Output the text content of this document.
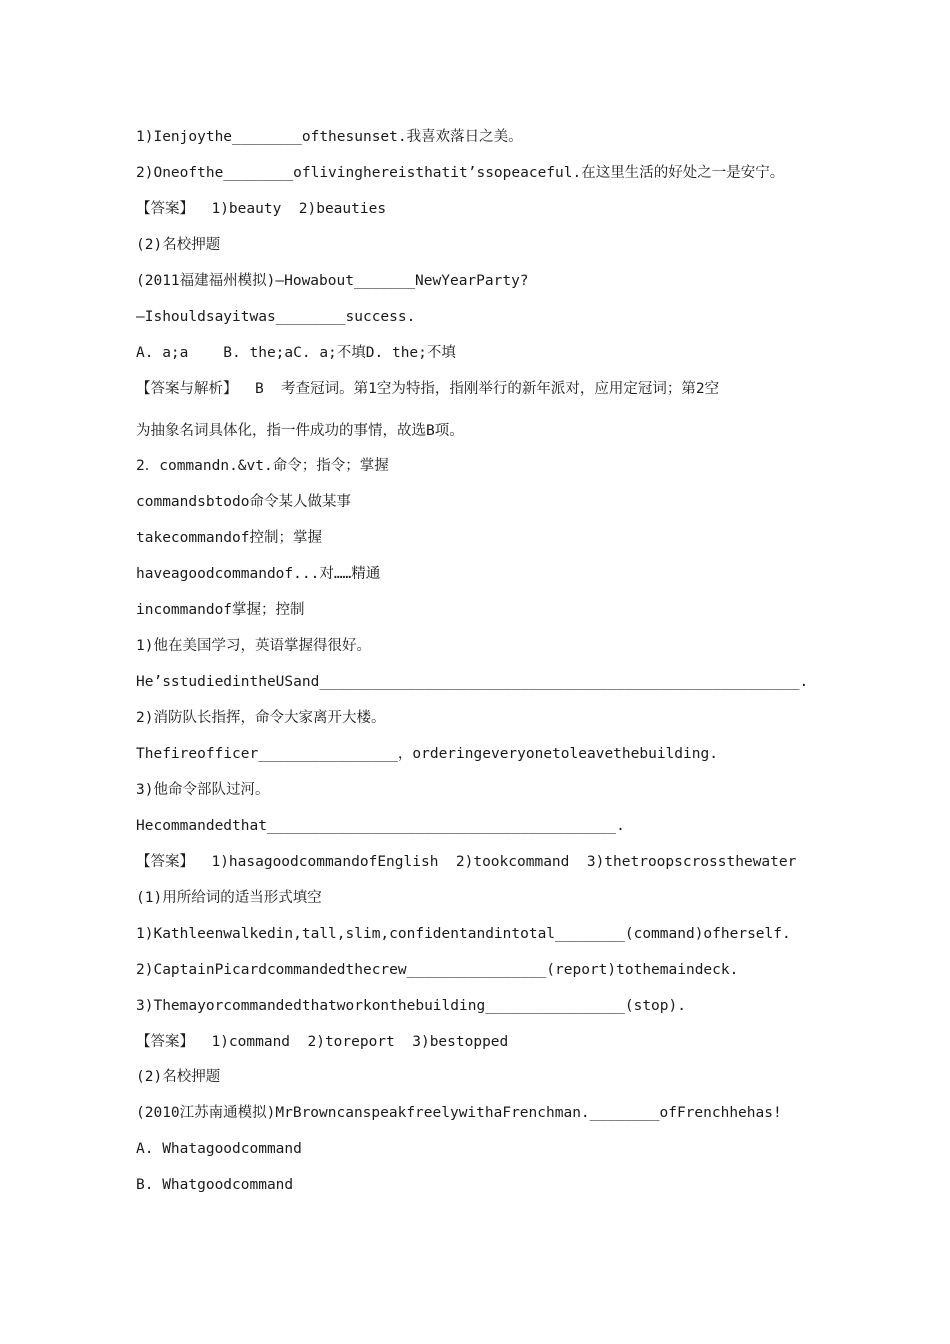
1)Ienjoythe________ofthesunset.我喜欢落日之美。
2)Oneofthe________oflivinghereisthatit’ssopeaceful.在这里生活的好处之一是安宁。
【答案】  1)beauty  2)beauties
(2)名校押题
(2011福建福州模拟)—Howabout_______NewYearParty?
—Ishouldsayitwas________success.
A. a;a    B. the;aC. a;不填D. the;不填
【答案与解析】  B  考查冠词。第1空为特指，指刚举行的新年派对，应用定冠词；第2空
为抽象名词具体化，指一件成功的事情，故选B项。
2．commandn.&vt.命令；指令；掌握
commandsbtodo命令某人做某事
takecommandof控制；掌握
haveagoodcommandof...对……精通
incommandof掌握；控制
1)他在美国学习，英语掌握得很好。
He’sstudiedintheUSand_______________________________________________________.
2)消防队长指挥，命令大家离开大楼。
Thefireofficer________________，orderingeveryonetoleavethebuilding.
3)他命令部队过河。
Hecommandedthat________________________________________.
【答案】  1)hasagoodcommandofEnglish  2)tookcommand  3)thetroopscrossthewater
(1)用所给词的适当形式填空
1)Kathleenwalkedin,tall,slim,confidentandintotal________(command)ofherself.
2)CaptainPicardcommandedthecrew________________(report)tothemaindeck.
3)Themayorcommandedthatworkonthebuilding________________(stop).
【答案】  1)command  2)toreport  3)bestopped
(2)名校押题
(2010江苏南通模拟)MrBrowncanspeakfreelywithaFrenchman.________ofFrenchhehas!
A. Whatagoodcommand
B. Whatgoodcommand
